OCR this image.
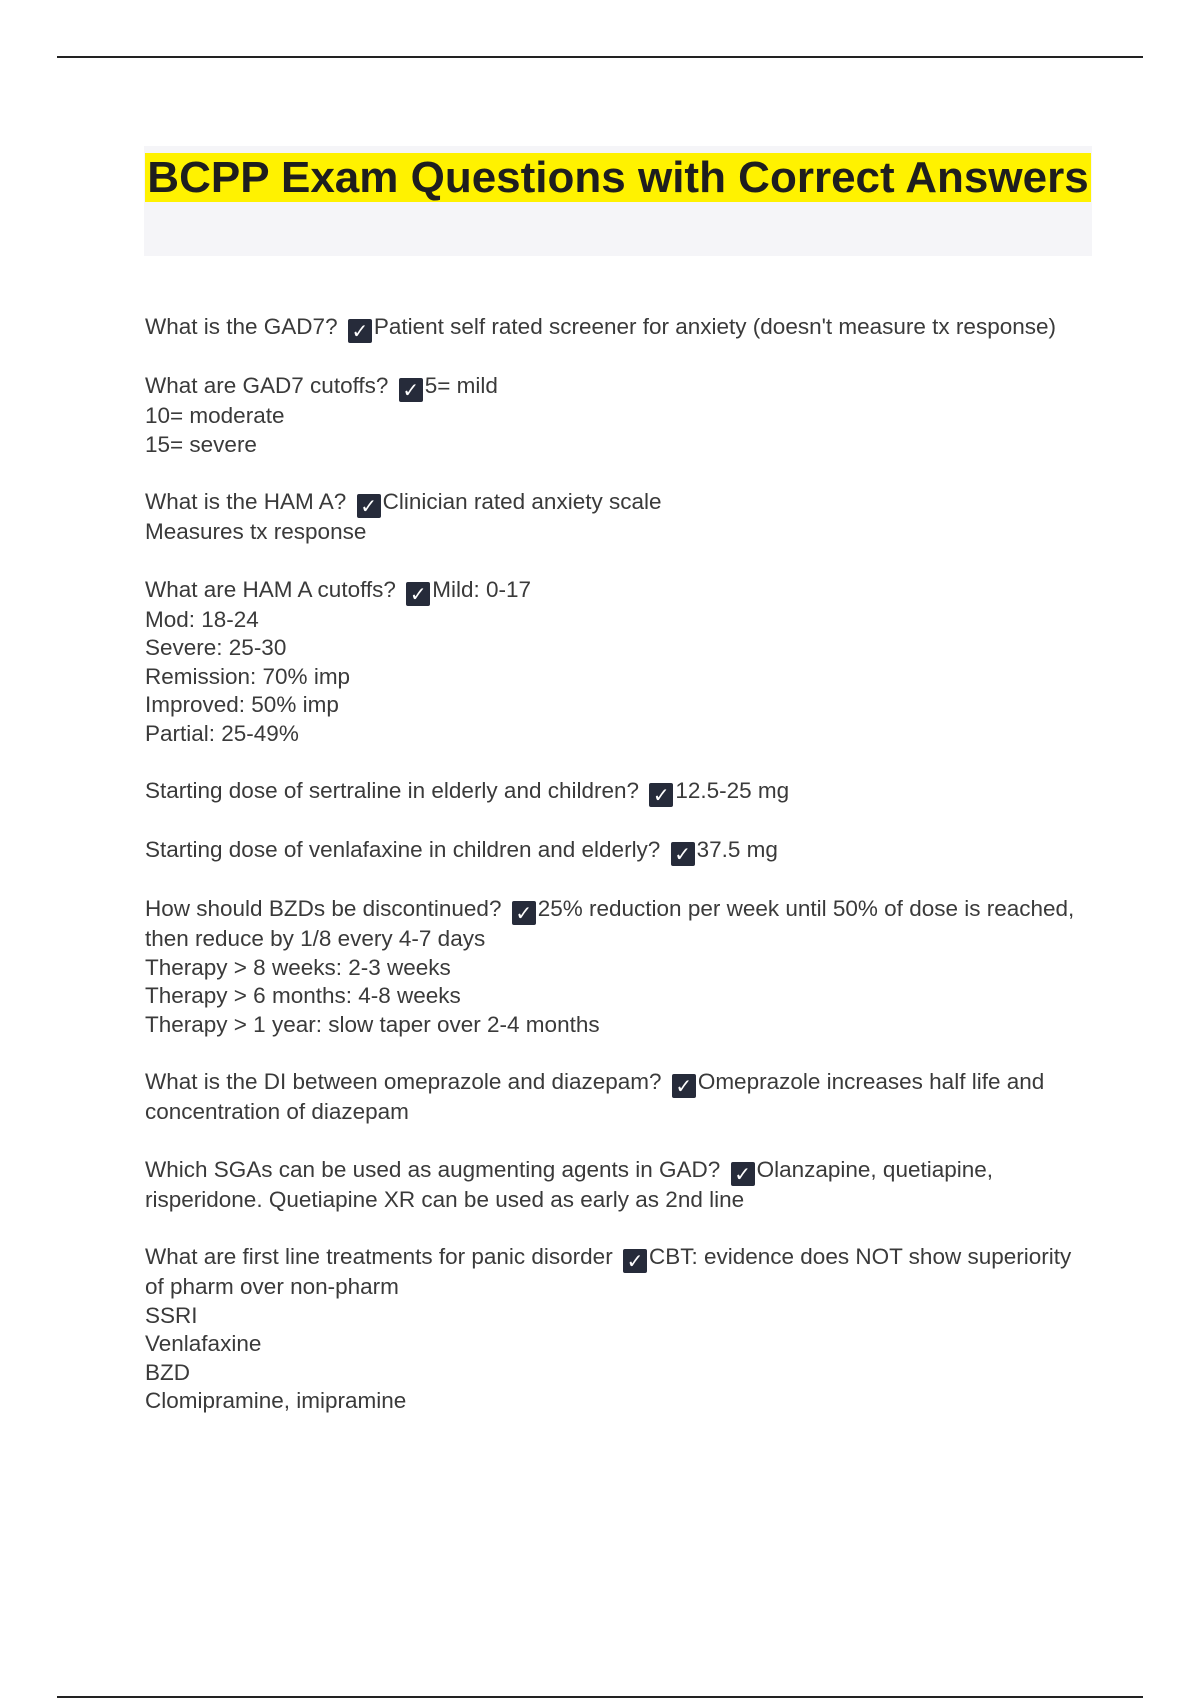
BCPP Exam Questions with Correct Answers
What is the GAD7? ✓ Patient self rated screener for anxiety (doesn't measure tx response)
What are GAD7 cutoffs? ✓ 5= mild
10= moderate
15= severe
What is the HAM A? ✓ Clinician rated anxiety scale
Measures tx response
What are HAM A cutoffs? ✓ Mild: 0-17
Mod: 18-24
Severe: 25-30
Remission: 70% imp
Improved: 50% imp
Partial: 25-49%
Starting dose of sertraline in elderly and children? ✓ 12.5-25 mg
Starting dose of venlafaxine in children and elderly? ✓ 37.5 mg
How should BZDs be discontinued? ✓ 25% reduction per week until 50% of dose is reached, then reduce by 1/8 every 4-7 days
Therapy > 8 weeks: 2-3 weeks
Therapy > 6 months: 4-8 weeks
Therapy > 1 year: slow taper over 2-4 months
What is the DI between omeprazole and diazepam? ✓ Omeprazole increases half life and concentration of diazepam
Which SGAs can be used as augmenting agents in GAD? ✓ Olanzapine, quetiapine, risperidone. Quetiapine XR can be used as early as 2nd line
What are first line treatments for panic disorder ✓ CBT: evidence does NOT show superiority of pharm over non-pharm
SSRI
Venlafaxine
BZD
Clomipramine, imipramine
